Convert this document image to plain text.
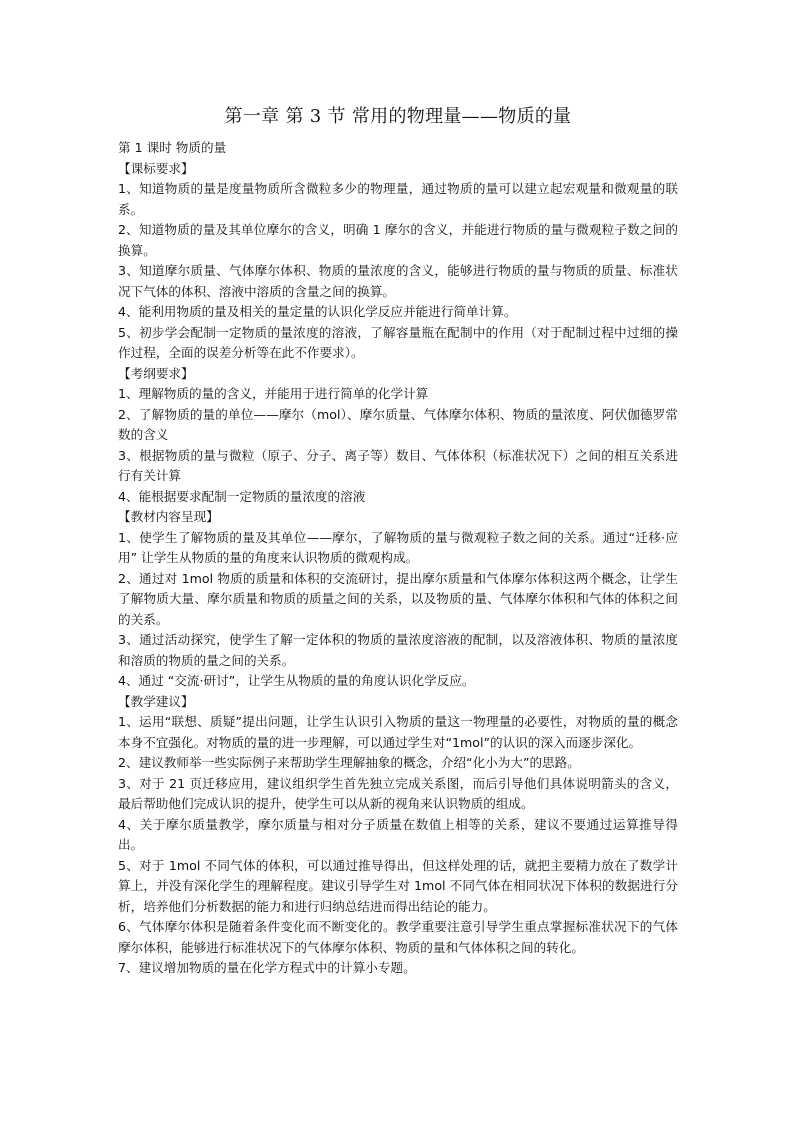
第一章 第 3 节 常用的物理量——物质的量

第 1 课时 物质的量

【课标要求】

1、知道物质的量是度量物质所含微粒多少的物理量，通过物质的量可以建立起宏观量和微观量的联系。

2、知道物质的量及其单位摩尔的含义，明确 1 摩尔的含义，并能进行物质的量与微观粒子数之间的换算。

3、知道摩尔质量、气体摩尔体积、物质的量浓度的含义，能够进行物质的量与物质的质量、标准状况下气体的体积、溶液中溶质的含量之间的换算。

4、能利用物质的量及相关的量定量的认识化学反应并能进行简单计算。

5、初步学会配制一定物质的量浓度的溶液，了解容量瓶在配制中的作用（对于配制过程中过细的操作过程，全面的误差分析等在此不作要求）。

【考纲要求】

1、理解物质的量的含义，并能用于进行简单的化学计算

2、了解物质的量的单位——摩尔（mol）、摩尔质量、气体摩尔体积、物质的量浓度、阿伏伽德罗常数的含义

3、根据物质的量与微粒（原子、分子、离子等）数目、气体体积（标准状况下）之间的相互关系进行有关计算

4、能根据要求配制一定物质的量浓度的溶液

【教材内容呈现】

1、使学生了解物质的量及其单位——摩尔，了解物质的量与微观粒子数之间的关系。通过“迁移·应用” 让学生从物质的量的角度来认识物质的微观构成。

2、通过对 1mol 物质的质量和体积的交流研讨，提出摩尔质量和气体摩尔体积这两个概念，让学生了解物质大量、摩尔质量和物质的质量之间的关系，以及物质的量、气体摩尔体积和气体的体积之间的关系。

3、通过活动探究，使学生了解一定体积的物质的量浓度溶液的配制，以及溶液体积、物质的量浓度和溶质的物质的量之间的关系。

4、通过 “交流·研讨”，让学生从物质的量的角度认识化学反应。

【教学建议】

1、运用“联想、质疑”提出问题，让学生认识引入物质的量这一物理量的必要性，对物质的量的概念本身不宜强化。对物质的量的进一步理解，可以通过学生对“1mol”的认识的深入而逐步深化。

2、建议教师举一些实际例子来帮助学生理解抽象的概念，介绍“化小为大”的思路。

3、对于 21 页迁移应用，建议组织学生首先独立完成关系图，而后引导他们具体说明箭头的含义，最后帮助他们完成认识的提升，使学生可以从新的视角来认识物质的组成。

4、关于摩尔质量教学，摩尔质量与相对分子质量在数值上相等的关系，建议不要通过运算推导得出。

5、对于 1mol 不同气体的体积，可以通过推导得出，但这样处理的话，就把主要精力放在了数学计算上，并没有深化学生的理解程度。建议引导学生对 1mol 不同气体在相同状况下体积的数据进行分析，培养他们分析数据的能力和进行归纳总结进而得出结论的能力。

6、气体摩尔体积是随着条件变化而不断变化的。教学重要注意引导学生重点掌握标准状况下的气体摩尔体积，能够进行标准状况下的气体摩尔体积、物质的量和气体体积之间的转化。

7、建议增加物质的量在化学方程式中的计算小专题。
